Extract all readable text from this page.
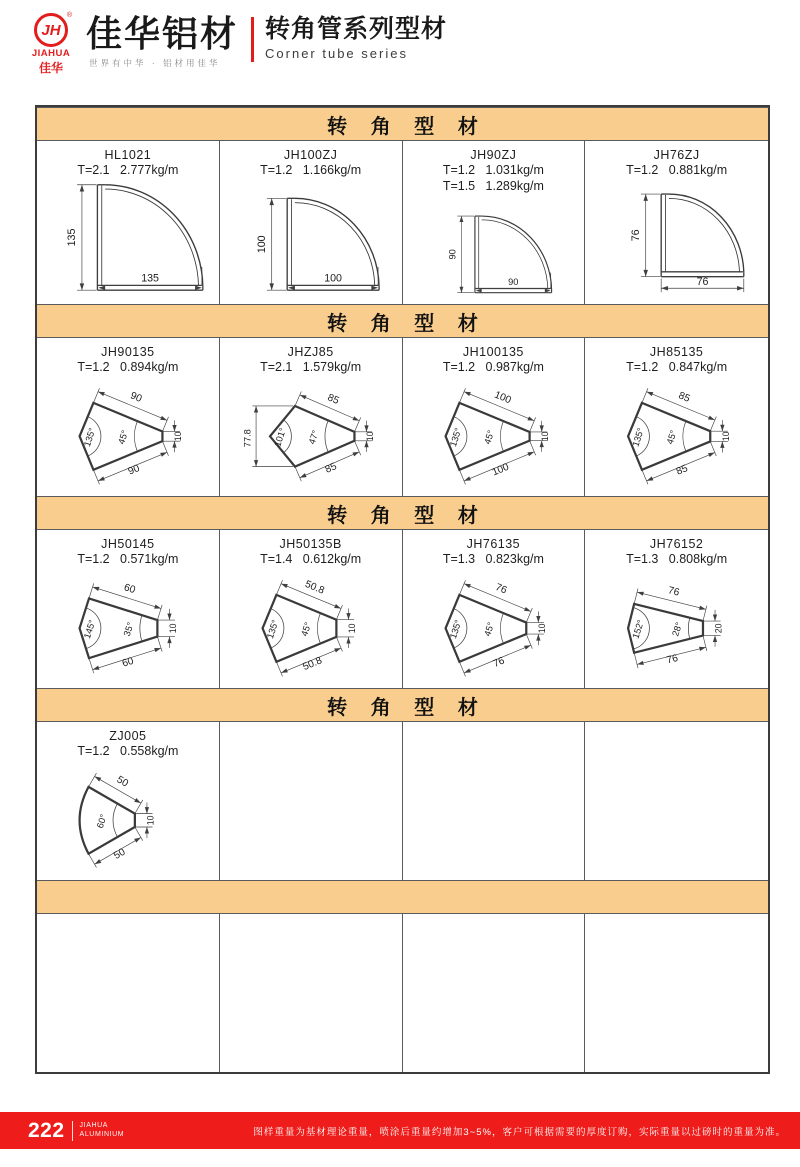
JH
®
JIAHUA
佳华
佳华铝材
世界有中华 · 铝材用佳华
转角管系列型材
Corner tube series
转 角 型 材
HL1021
T=2.1   2.777kg/m
135
135
JH100ZJ
T=1.2   1.166kg/m
100
100
JH90ZJ
T=1.2   1.031kg/m
T=1.5   1.289kg/m
90
90
JH76ZJ
T=1.2   0.881kg/m
76
76
转 角 型 材
JH90135
T=1.2   0.894kg/m
90
90
45°
135°	10
JHZJ85
T=2.1   1.579kg/m
85
85
47°
101°	10
77.8
JH100135
T=1.2   0.987kg/m
100
100
45°
135°	10
JH85135
T=1.2   0.847kg/m
85
85
45°
135°	10
转 角 型 材
JH50145
T=1.2   0.571kg/m
60
60
35°
145°	10
JH50135B
T=1.4   0.612kg/m
50.8
50.8
45°
135°	10
JH76135
T=1.3   0.823kg/m
76
76
45°
135°	10
JH76152
T=1.3   0.808kg/m
76
76
28°
152°	20
转 角 型 材
ZJ005
T=1.2   0.558kg/m
50
50
60°	10
222 JIAHUA
ALUMINIUM	图样重量为基材理论重量，喷涂后重量约增加3~5%，客户可根据需要的厚度订购，实际重量以过磅时的重量为准。
